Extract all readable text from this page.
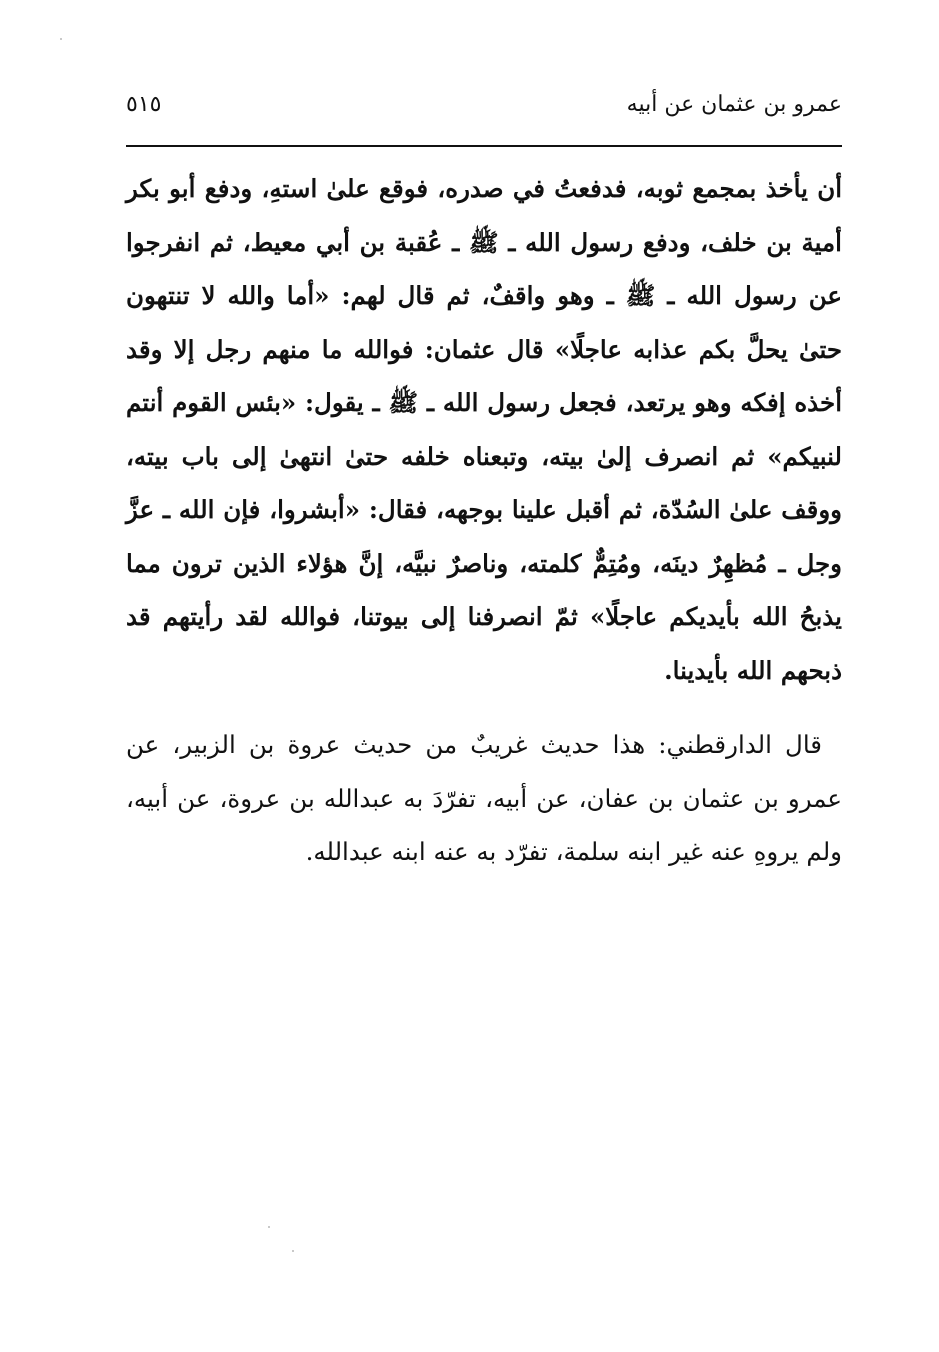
عمرو بن عثمان عن أبيه
٥١٥

أن يأخذ بمجمع ثوبه، فدفعتُ في صدره، فوقع علىٰ استهِ، ودفع أبو بكر أمية بن خلف، ودفع رسول الله ـ ﷺ ـ عُقبة بن أبي معيط، ثم انفرجوا عن رسول الله ـ ﷺ ـ وهو واقفٌ، ثم قال لهم: «أما والله لا تنتهون حتىٰ يحلَّ بكم عذابه عاجلًا» قال عثمان: فوالله ما منهم رجل إلا وقد أخذه إفكه وهو يرتعد، فجعل رسول الله ـ ﷺ ـ يقول: «بئس القوم أنتم لنبيكم» ثم انصرف إلىٰ بيته، وتبعناه خلفه حتىٰ انتهىٰ إلى باب بيته، ووقف علىٰ السُدّة، ثم أقبل علينا بوجهه، فقال: «أبشروا، فإن الله ـ عزَّ وجل ـ مُظهِرٌ دينَه، ومُتِمٌّ كلمته، وناصرٌ نبيَّه، إنَّ هؤلاء الذين ترون مما يذبحُ الله بأيديكم عاجلًا» ثمّ انصرفنا إلى بيوتنا، فوالله لقد رأيتهم قد ذبحهم الله بأيدينا.

قال الدارقطني: هذا حديث غريبٌ من حديث عروة بن الزبير، عن عمرو بن عثمان بن عفان، عن أبيه، تفرّدَ به عبدالله بن عروة، عن أبيه، ولم يروهِ عنه غير ابنه سلمة، تفرّد به عنه ابنه عبدالله.
